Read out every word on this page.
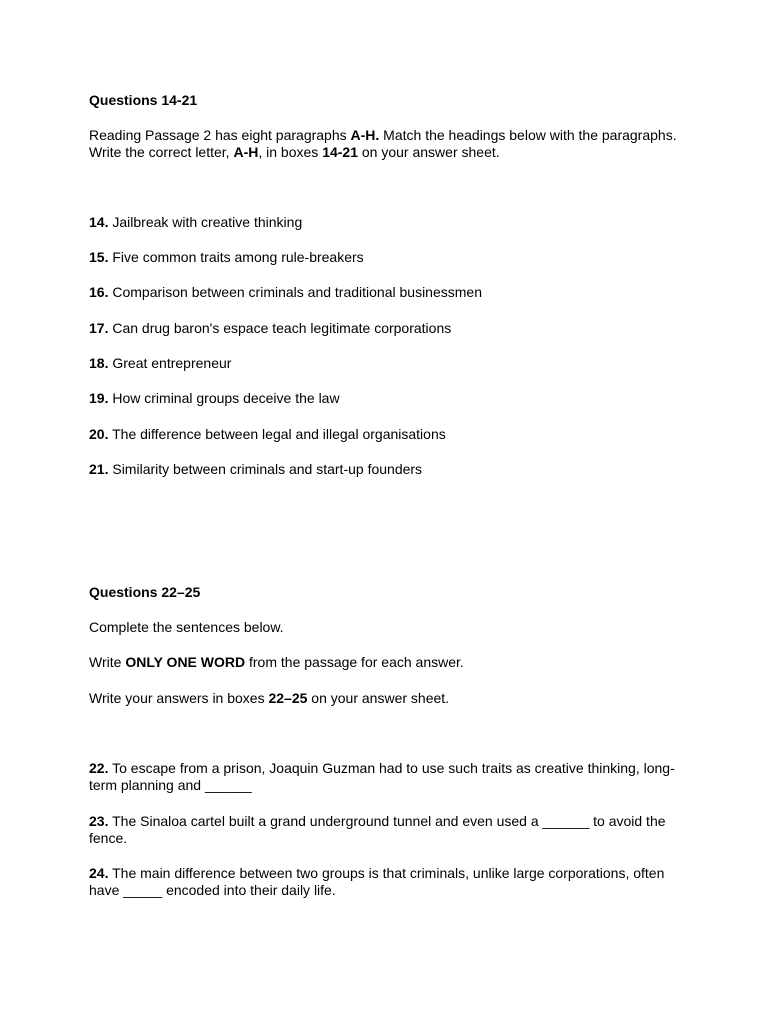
Questions 14-21

Reading Passage 2 has eight paragraphs A-H. Match the headings below with the paragraphs. Write the correct letter, A-H, in boxes 14-21 on your answer sheet.

14. Jailbreak with creative thinking

15. Five common traits among rule-breakers

16. Comparison between criminals and traditional businessmen

17. Can drug baron's espace teach legitimate corporations

18. Great entrepreneur

19. How criminal groups deceive the law

20. The difference between legal and illegal organisations

21. Similarity between criminals and start-up founders

Questions 22–25

Complete the sentences below.

Write ONLY ONE WORD from the passage for each answer.

Write your answers in boxes 22–25 on your answer sheet.

22. To escape from a prison, Joaquin Guzman had to use such traits as creative thinking, long-term planning and ______

23. The Sinaloa cartel built a grand underground tunnel and even used a ______ to avoid the fence.

24. The main difference between two groups is that criminals, unlike large corporations, often have _____ encoded into their daily life.
